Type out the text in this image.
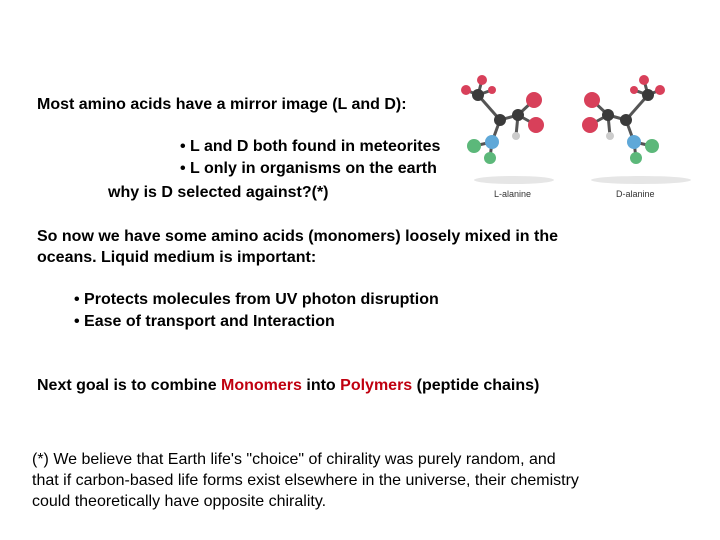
Most amino acids have a mirror image (L and D):
• L and D both found in meteorites
• L only in organisms on the earth
why is D selected against?(*)	L-alanine	D-alanine
So now we have some amino acids (monomers) loosely mixed in the
oceans. Liquid medium is important:
• Protects molecules from UV photon disruption
• Ease of transport and Interaction
Next goal is to combine Monomers into Polymers (peptide chains)
(*) We believe that Earth life's "choice" of chirality was purely random, and
that if carbon-based life forms exist elsewhere in the universe, their chemistry
could theoretically have opposite chirality.
